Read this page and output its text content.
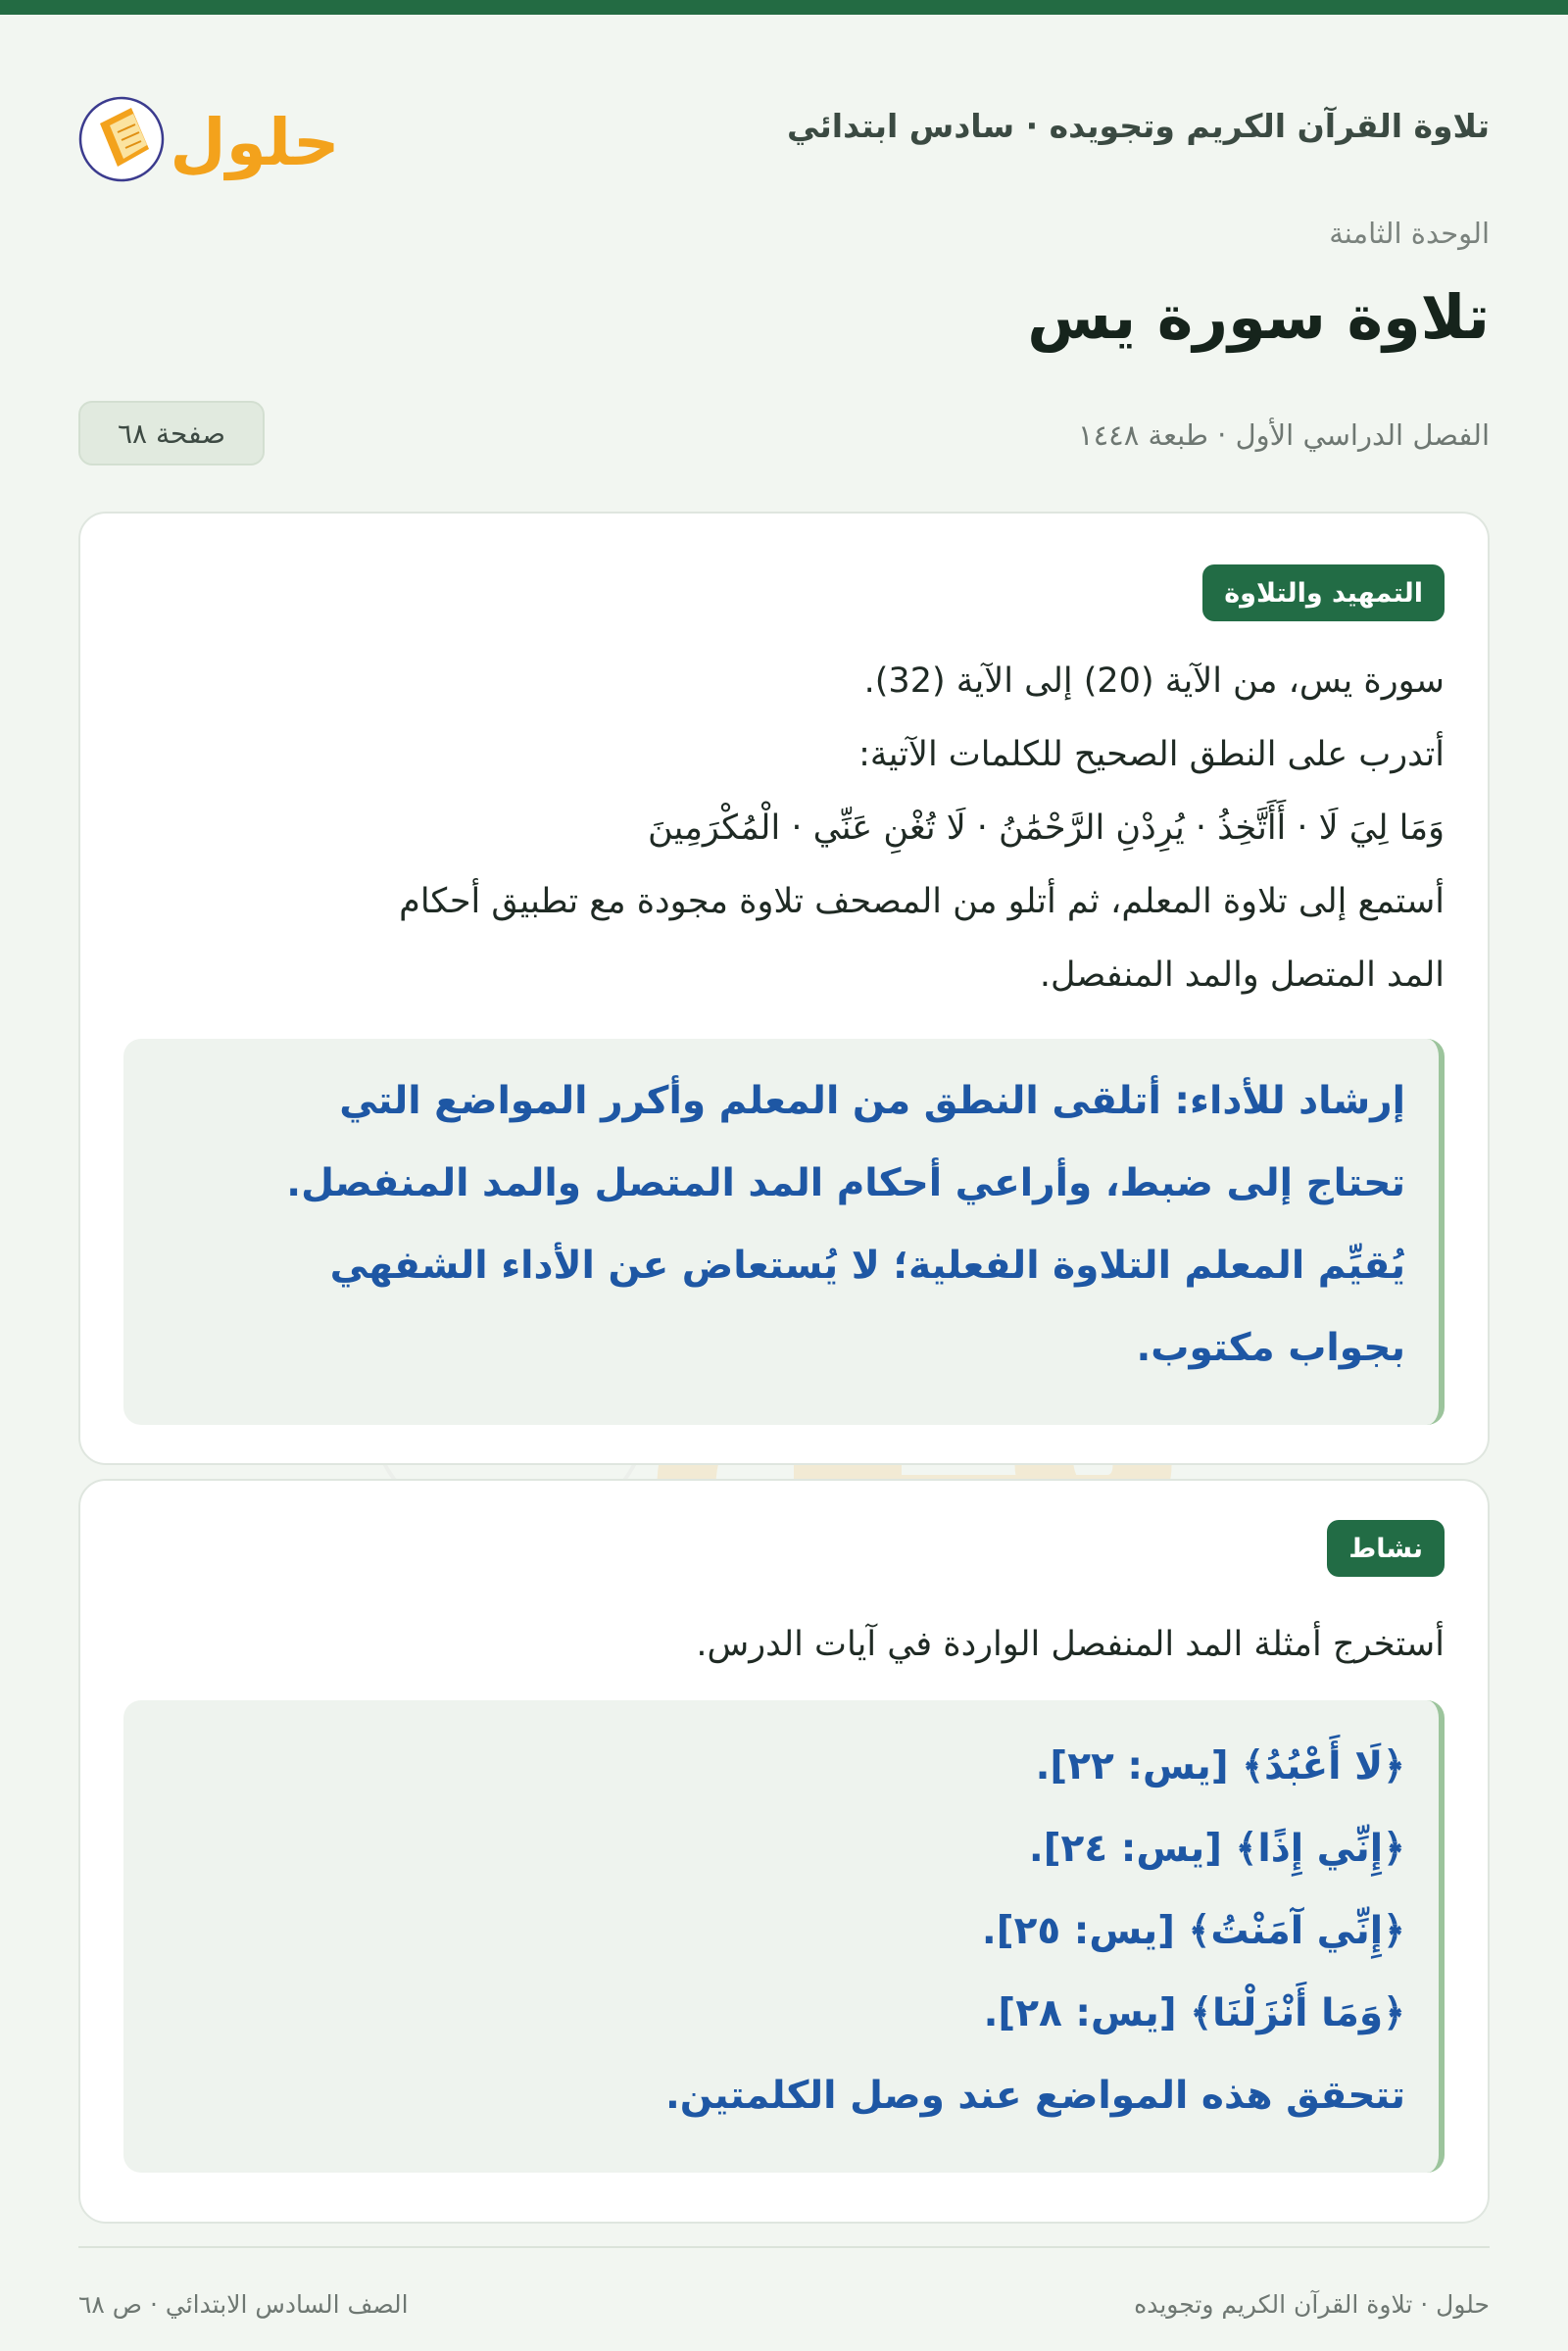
تلاوة القرآن الكريم وتجويده · سادس ابتدائي
حلول
الوحدة الثامنة
تلاوة سورة يس
الفصل الدراسي الأول · طبعة ١٤٤٨
صفحة ٦٨
التمهيد والتلاوة
سورة يس، من الآية (20) إلى الآية (32).
أتدرب على النطق الصحيح للكلمات الآتية:
وَمَا لِيَ لَا · أَأَتَّخِذُ · يُرِدْنِ الرَّحْمَٰنُ · لَا تُغْنِ عَنِّي · الْمُكْرَمِينَ
أستمع إلى تلاوة المعلم، ثم أتلو من المصحف تلاوة مجودة مع تطبيق أحكام
المد المتصل والمد المنفصل.
إرشاد للأداء: أتلقى النطق من المعلم وأكرر المواضع التي
تحتاج إلى ضبط، وأراعي أحكام المد المتصل والمد المنفصل.
يُقيِّم المعلم التلاوة الفعلية؛ لا يُستعاض عن الأداء الشفهي
بجواب مكتوب.
نشاط
أستخرج أمثلة المد المنفصل الواردة في آيات الدرس.
﴿لَا أَعْبُدُ﴾ [يس: ٢٢].
﴿إِنِّي إِذًا﴾ [يس: ٢٤].
﴿إِنِّي آمَنْتُ﴾ [يس: ٢٥].
﴿وَمَا أَنْزَلْنَا﴾ [يس: ٢٨].
تتحقق هذه المواضع عند وصل الكلمتين.
حلول · تلاوة القرآن الكريم وتجويده
الصف السادس الابتدائي · ص ٦٨
